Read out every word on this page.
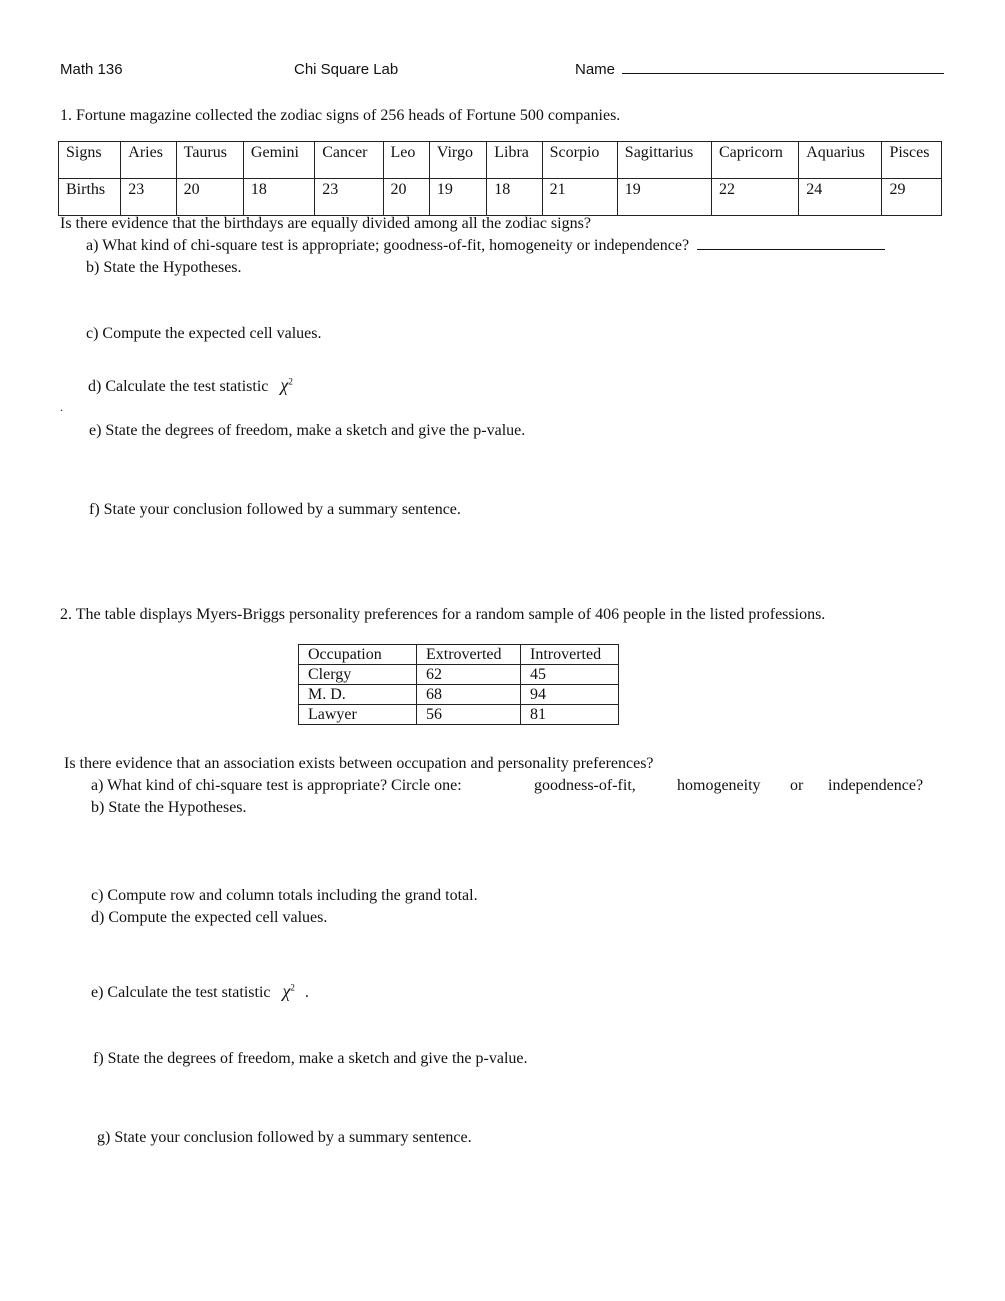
Math 136	Chi Square Lab	Name
1. Fortune magazine collected the zodiac signs of 256 heads of Fortune 500 companies.
Signs	Aries	Taurus	Gemini	Cancer	Leo	Virgo	Libra	Scorpio	Sagittarius	Capricorn	Aquarius	Pisces
Births	23	20	18	23	20	19	18	21	19	22	24	29
Is there evidence that the birthdays are equally divided among all the zodiac signs?
a) What kind of chi-square test is appropriate; goodness-of-fit, homogeneity or independence?
b) State the Hypotheses.
c) Compute the expected cell values.
d) Calculate the test statistic $\chi^2$
.
e) State the degrees of freedom, make a sketch and give the p-value.
f) State your conclusion followed by a summary sentence.
2. The table displays Myers-Briggs personality preferences for a random sample of 406 people in the listed professions.
Occupation	Extroverted	Introverted
Clergy	62	45
M. D.	68	94
Lawyer	56	81
Is there evidence that an association exists between occupation and personality preferences?
a) What kind of chi-square test is appropriate? Circle one:	goodness-of-fit,	homogeneity or independence?
b) State the Hypotheses.
c) Compute row and column totals including the grand total.
d) Compute the expected cell values.
e) Calculate the test statistic $\chi^2$ .
f) State the degrees of freedom, make a sketch and give the p-value.
g) State your conclusion followed by a summary sentence.
